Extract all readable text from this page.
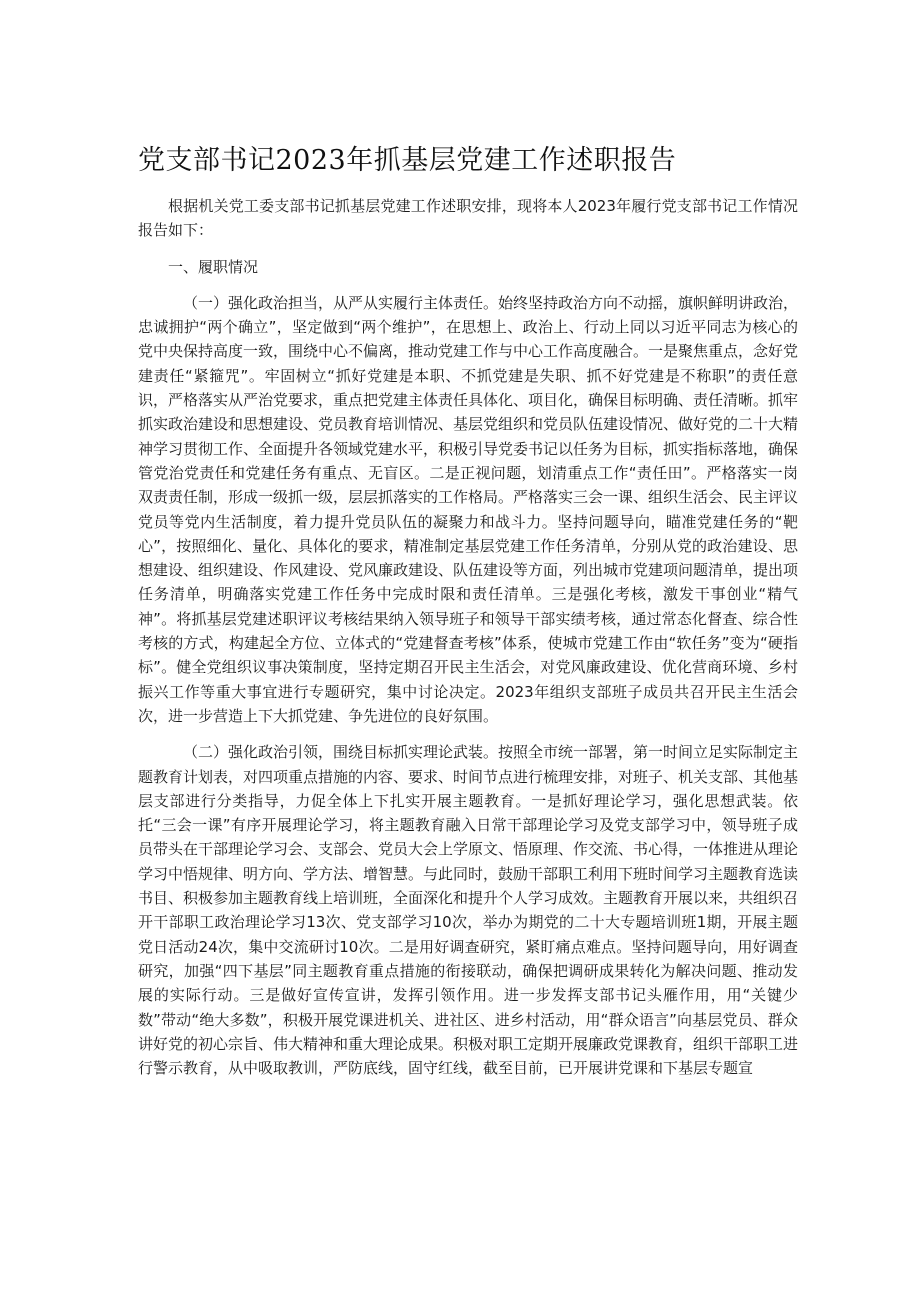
党支部书记2023年抓基层党建工作述职报告

根据机关党工委支部书记抓基层党建工作述职安排，现将本人2023年履行党支部书记工作情况报告如下：

一、履职情况

（一）强化政治担当，从严从实履行主体责任。始终坚持政治方向不动摇，旗帜鲜明讲政治，忠诚拥护“两个确立”，坚定做到“两个维护”，在思想上、政治上、行动上同以习近平同志为核心的党中央保持高度一致，围绕中心不偏离，推动党建工作与中心工作高度融合。一是聚焦重点，念好党建责任“紧箍咒”。牢固树立“抓好党建是本职、不抓党建是失职、抓不好党建是不称职”的责任意识，严格落实从严治党要求，重点把党建主体责任具体化、项目化，确保目标明确、责任清晰。抓牢抓实政治建设和思想建设、党员教育培训情况、基层党组织和党员队伍建设情况、做好党的二十大精神学习贯彻工作、全面提升各领域党建水平，积极引导党委书记以任务为目标，抓实指标落地，确保管党治党责任和党建任务有重点、无盲区。二是正视问题，划清重点工作“责任田”。严格落实一岗双责责任制，形成一级抓一级，层层抓落实的工作格局。严格落实三会一课、组织生活会、民主评议党员等党内生活制度，着力提升党员队伍的凝聚力和战斗力。坚持问题导向，瞄准党建任务的“靶心”，按照细化、量化、具体化的要求，精准制定基层党建工作任务清单，分别从党的政治建设、思想建设、组织建设、作风建设、党风廉政建设、队伍建设等方面，列出城市党建项问题清单，提出项任务清单，明确落实党建工作任务中完成时限和责任清单。三是强化考核，激发干事创业“精气神”。将抓基层党建述职评议考核结果纳入领导班子和领导干部实绩考核，通过常态化督查、综合性考核的方式，构建起全方位、立体式的“党建督查考核”体系，使城市党建工作由“软任务”变为“硬指标”。健全党组织议事决策制度，坚持定期召开民主生活会，对党风廉政建设、优化营商环境、乡村振兴工作等重大事宜进行专题研究，集中讨论决定。2023年组织支部班子成员共召开民主生活会次，进一步营造上下大抓党建、争先进位的良好氛围。

（二）强化政治引领，围绕目标抓实理论武装。按照全市统一部署，第一时间立足实际制定主题教育计划表，对四项重点措施的内容、要求、时间节点进行梳理安排，对班子、机关支部、其他基层支部进行分类指导，力促全体上下扎实开展主题教育。一是抓好理论学习，强化思想武装。依托“三会一课”有序开展理论学习，将主题教育融入日常干部理论学习及党支部学习中，领导班子成员带头在干部理论学习会、支部会、党员大会上学原文、悟原理、作交流、书心得，一体推进从理论学习中悟规律、明方向、学方法、增智慧。与此同时，鼓励干部职工利用下班时间学习主题教育选读书目、积极参加主题教育线上培训班，全面深化和提升个人学习成效。主题教育开展以来，共组织召开干部职工政治理论学习13次、党支部学习10次，举办为期党的二十大专题培训班1期，开展主题党日活动24次，集中交流研讨10次。二是用好调查研究，紧盯痛点难点。坚持问题导向，用好调查研究，加强“四下基层”同主题教育重点措施的衔接联动，确保把调研成果转化为解决问题、推动发展的实际行动。三是做好宣传宣讲，发挥引领作用。进一步发挥支部书记头雁作用，用“关键少数”带动“绝大多数”，积极开展党课进机关、进社区、进乡村活动，用“群众语言”向基层党员、群众讲好党的初心宗旨、伟大精神和重大理论成果。积极对职工定期开展廉政党课教育，组织干部职工进行警示教育，从中吸取教训，严防底线，固守红线，截至目前，已开展讲党课和下基层专题宣
